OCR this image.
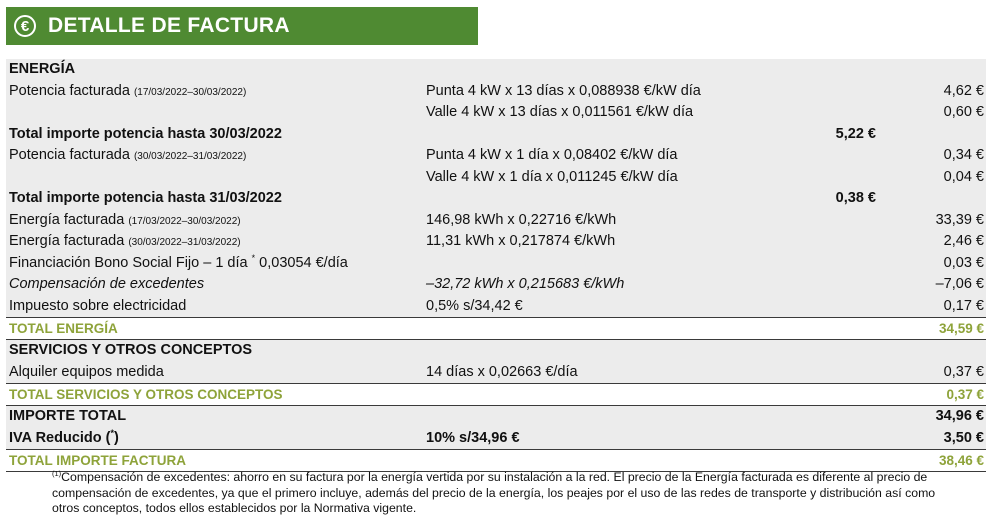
€ DETALLE DE FACTURA
ENERGÍA
Potencia facturada (17/03/2022–30/03/2022)	Punta 4 kW x 13 días x 0,088938 €/kW día	4,62 €
Valle 4 kW x 13 días x 0,011561 €/kW día	0,60 €
Total importe potencia hasta 30/03/2022	5,22 €
Potencia facturada (30/03/2022–31/03/2022)	Punta 4 kW x 1 día x 0,08402 €/kW día	0,34 €
Valle 4 kW x 1 día x 0,011245 €/kW día	0,04 €
Total importe potencia hasta 31/03/2022	0,38 €
Energía facturada (17/03/2022–30/03/2022)	146,98 kWh x 0,22716 €/kWh	33,39 €
Energía facturada (30/03/2022–31/03/2022)	11,31 kWh x 0,217874 €/kWh	2,46 €
Financiación Bono Social Fijo – 1 día * 0,03054 €/día	0,03 €
Compensación de excedentes	–32,72 kWh x 0,215683 €/kWh	–7,06 €
Impuesto sobre electricidad	0,5% s/34,42 €	0,17 €
TOTAL ENERGÍA	34,59 €
SERVICIOS Y OTROS CONCEPTOS
Alquiler equipos medida	14 días x 0,02663 €/día	0,37 €
TOTAL SERVICIOS Y OTROS CONCEPTOS	0,37 €
IMPORTE TOTAL	34,96 €
IVA Reducido (*)	10% s/34,96 €	3,50 €
TOTAL IMPORTE FACTURA	38,46 €
$^{(1)}$Compensación de excedentes: ahorro en su factura por la energía vertida por su instalación a la red. El precio de la Energía facturada es diferente al precio de compensación de excedentes, ya que el primero incluye, además del precio de la energía, los peajes por el uso de las redes de transporte y distribución así como otros conceptos, todos ellos establecidos por la Normativa vigente.
